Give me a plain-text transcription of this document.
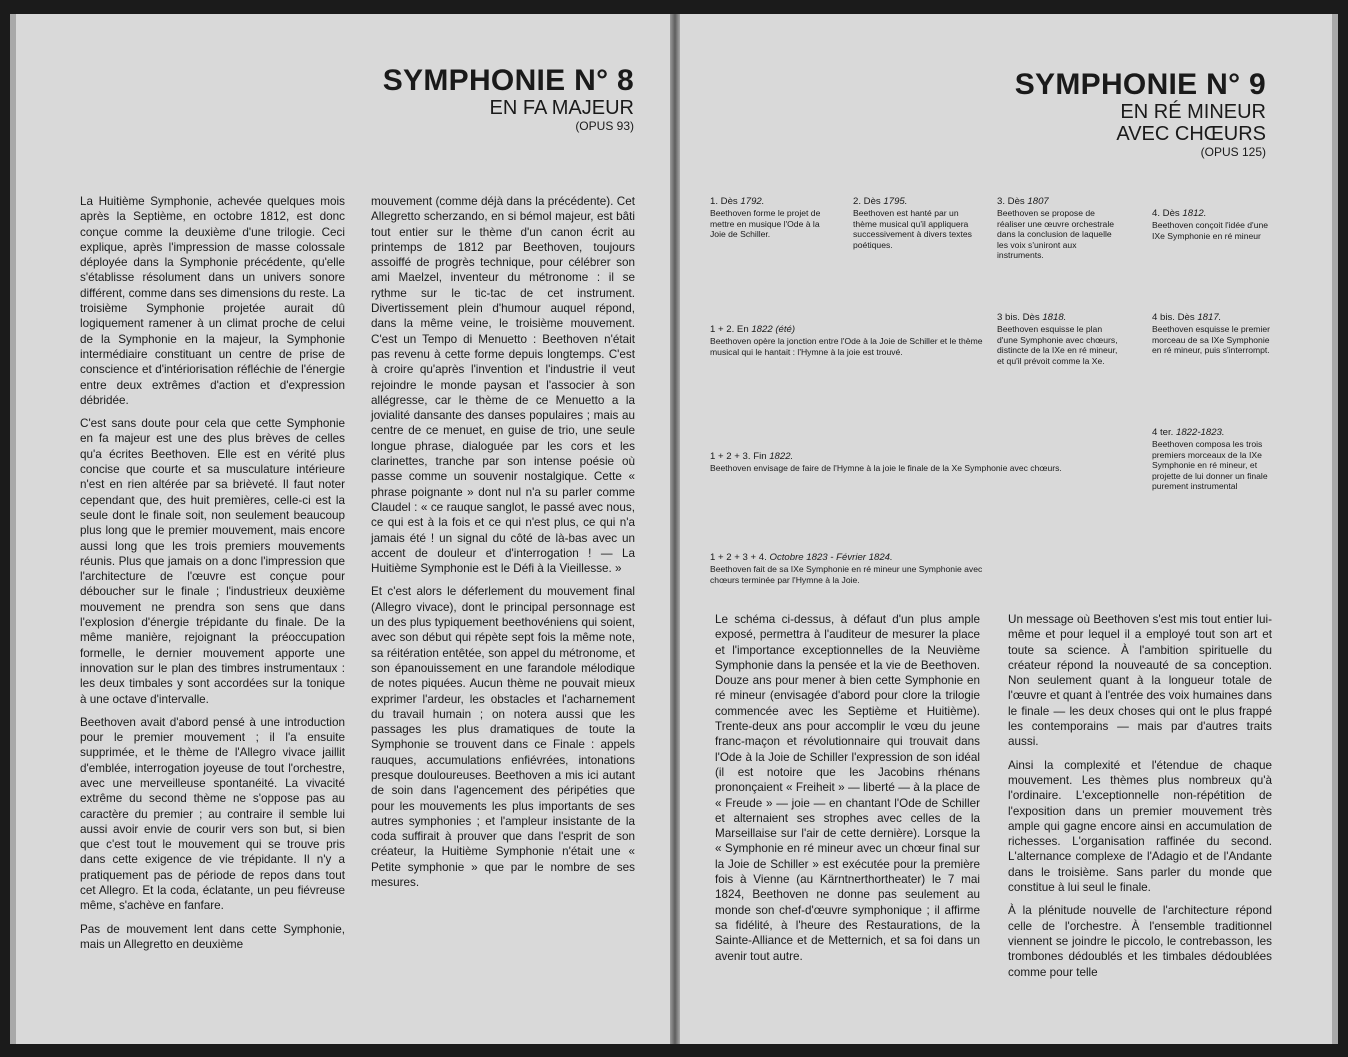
SYMPHONIE N° 8
EN FA MAJEUR
(OPUS 93)

La Huitième Symphonie, achevée quelques mois après la Septième, en octobre 1812, est donc conçue comme la deuxième d'une trilogie. Ceci explique, après l'impression de masse colossale déployée dans la Symphonie précédente, qu'elle s'établisse résolument dans un univers sonore différent, comme dans ses dimensions du reste. La troisième Symphonie projetée aurait dû logiquement ramener à un climat proche de celui de la Symphonie en la majeur, la Symphonie intermédiaire constituant un centre de prise de conscience et d'intériorisation réfléchie de l'énergie entre deux extrêmes d'action et d'expression débridée.

C'est sans doute pour cela que cette Symphonie en fa majeur est une des plus brèves de celles qu'a écrites Beethoven. Elle est en vérité plus concise que courte et sa musculature intérieure n'est en rien altérée par sa brièveté. Il faut noter cependant que, des huit premières, celle-ci est la seule dont le finale soit, non seulement beaucoup plus long que le premier mouvement, mais encore aussi long que les trois premiers mouvements réunis. Plus que jamais on a donc l'impression que l'architecture de l'œuvre est conçue pour déboucher sur le finale ; l'industrieux deuxième mouvement ne prendra son sens que dans l'explosion d'énergie trépidante du finale. De la même manière, rejoignant la préoccupation formelle, le dernier mouvement apporte une innovation sur le plan des timbres instrumentaux : les deux timbales y sont accordées sur la tonique à une octave d'intervalle.

Beethoven avait d'abord pensé à une introduction pour le premier mouvement ; il l'a ensuite supprimée, et le thème de l'Allegro vivace jaillit d'emblée, interrogation joyeuse de tout l'orchestre, avec une merveilleuse spontanéité. La vivacité extrême du second thème ne s'oppose pas au caractère du premier ; au contraire il semble lui aussi avoir envie de courir vers son but, si bien que c'est tout le mouvement qui se trouve pris dans cette exigence de vie trépidante. Il n'y a pratiquement pas de période de repos dans tout cet Allegro. Et la coda, éclatante, un peu fiévreuse même, s'achève en fanfare.

Pas de mouvement lent dans cette Symphonie, mais un Allegretto en deuxième

mouvement (comme déjà dans la précédente). Cet Allegretto scherzando, en si bémol majeur, est bâti tout entier sur le thème d'un canon écrit au printemps de 1812 par Beethoven, toujours assoiffé de progrès technique, pour célébrer son ami Maelzel, inventeur du métronome : il se rythme sur le tic-tac de cet instrument. Divertissement plein d'humour auquel répond, dans la même veine, le troisième mouvement. C'est un Tempo di Menuetto : Beethoven n'était pas revenu à cette forme depuis longtemps. C'est à croire qu'après l'invention et l'industrie il veut rejoindre le monde paysan et l'associer à son allégresse, car le thème de ce Menuetto a la jovialité dansante des danses populaires ; mais au centre de ce menuet, en guise de trio, une seule longue phrase, dialoguée par les cors et les clarinettes, tranche par son intense poésie où passe comme un souvenir nostalgique. Cette « phrase poignante » dont nul n'a su parler comme Claudel : « ce rauque sanglot, le passé avec nous, ce qui est à la fois et ce qui n'est plus, ce qui n'a jamais été ! un signal du côté de là-bas avec un accent de douleur et d'interrogation ! — La Huitième Symphonie est le Défi à la Vieillesse. »

Et c'est alors le déferlement du mouvement final (Allegro vivace), dont le principal personnage est un des plus typiquement beethovéniens qui soient, avec son début qui répète sept fois la même note, sa réitération entêtée, son appel du métronome, et son épanouissement en une farandole mélodique de notes piquées. Aucun thème ne pouvait mieux exprimer l'ardeur, les obstacles et l'acharnement du travail humain ; on notera aussi que les passages les plus dramatiques de toute la Symphonie se trouvent dans ce Finale : appels rauques, accumulations enfiévrées, intonations presque douloureuses. Beethoven a mis ici autant de soin dans l'agencement des péripéties que pour les mouvements les plus importants de ses autres symphonies ; et l'ampleur insistante de la coda suffirait à prouver que dans l'esprit de son créateur, la Huitième Symphonie n'était une « Petite symphonie » que par le nombre de ses mesures.

SYMPHONIE N° 9
EN RÉ MINEUR
AVEC CHŒURS
(OPUS 125)
1. Dès 1792.
Beethoven forme le projet de mettre en musique l'Ode à la Joie de Schiller.
2. Dès 1795.
Beethoven est hanté par un thème musical qu'il appliquera successivement à divers textes poétiques.
3. Dès 1807
Beethoven se propose de réaliser une œuvre orchestrale dans la conclusion de laquelle les voix s'uniront aux instruments.
4. Dès 1812.
Beethoven conçoit l'idée d'une IXe Symphonie en ré mineur
1 + 2. En 1822 (été)
Beethoven opère la jonction entre l'Ode à la Joie de Schiller et le thème musical qui le hantait : l'Hymne à la joie est trouvé.
3 bis. Dès 1818.
Beethoven esquisse le plan d'une Symphonie avec chœurs, distincte de la IXe en ré mineur, et qu'il prévoit comme la Xe.
4 bis. Dès 1817.
Beethoven esquisse le premier morceau de sa IXe Symphonie en ré mineur, puis s'interrompt.
1 + 2 + 3. Fin 1822.
Beethoven envisage de faire de l'Hymne à la joie le finale de la Xe Symphonie avec chœurs.
4 ter. 1822-1823.
Beethoven composa les trois premiers morceaux de la IXe Symphonie en ré mineur, et projette de lui donner un finale purement instrumental
1 + 2 + 3 + 4. Octobre 1823 - Février 1824.
Beethoven fait de sa IXe Symphonie en ré mineur une Symphonie avec chœurs terminée par l'Hymne à la Joie.

Le schéma ci-dessus, à défaut d'un plus ample exposé, permettra à l'auditeur de mesurer la place et l'importance exceptionnelles de la Neuvième Symphonie dans la pensée et la vie de Beethoven. Douze ans pour mener à bien cette Symphonie en ré mineur (envisagée d'abord pour clore la trilogie commencée avec les Septième et Huitième). Trente-deux ans pour accomplir le vœu du jeune franc-maçon et révolutionnaire qui trouvait dans l'Ode à la Joie de Schiller l'expression de son idéal (il est notoire que les Jacobins rhénans prononçaient « Freiheit » — liberté — à la place de « Freude » — joie — en chantant l'Ode de Schiller et alternaient ses strophes avec celles de la Marseillaise sur l'air de cette dernière). Lorsque la « Symphonie en ré mineur avec un chœur final sur la Joie de Schiller » est exécutée pour la première fois à Vienne (au Kärntnerthortheater) le 7 mai 1824, Beethoven ne donne pas seulement au monde son chef-d'œuvre symphonique ; il affirme sa fidélité, à l'heure des Restaurations, de la Sainte-Alliance et de Metternich, et sa foi dans un avenir tout autre.

Un message où Beethoven s'est mis tout entier lui-même et pour lequel il a employé tout son art et toute sa science. À l'ambition spirituelle du créateur répond la nouveauté de sa conception. Non seulement quant à la longueur totale de l'œuvre et quant à l'entrée des voix humaines dans le finale — les deux choses qui ont le plus frappé les contemporains — mais par d'autres traits aussi.

Ainsi la complexité et l'étendue de chaque mouvement. Les thèmes plus nombreux qu'à l'ordinaire. L'exceptionnelle non-répétition de l'exposition dans un premier mouvement très ample qui gagne encore ainsi en accumulation de richesses. L'organisation raffinée du second. L'alternance complexe de l'Adagio et de l'Andante dans le troisième. Sans parler du monde que constitue à lui seul le finale.

À la plénitude nouvelle de l'architecture répond celle de l'orchestre. À l'ensemble traditionnel viennent se joindre le piccolo, le contrebasson, les trombones dédoublés et les timbales dédoublées comme pour telle
